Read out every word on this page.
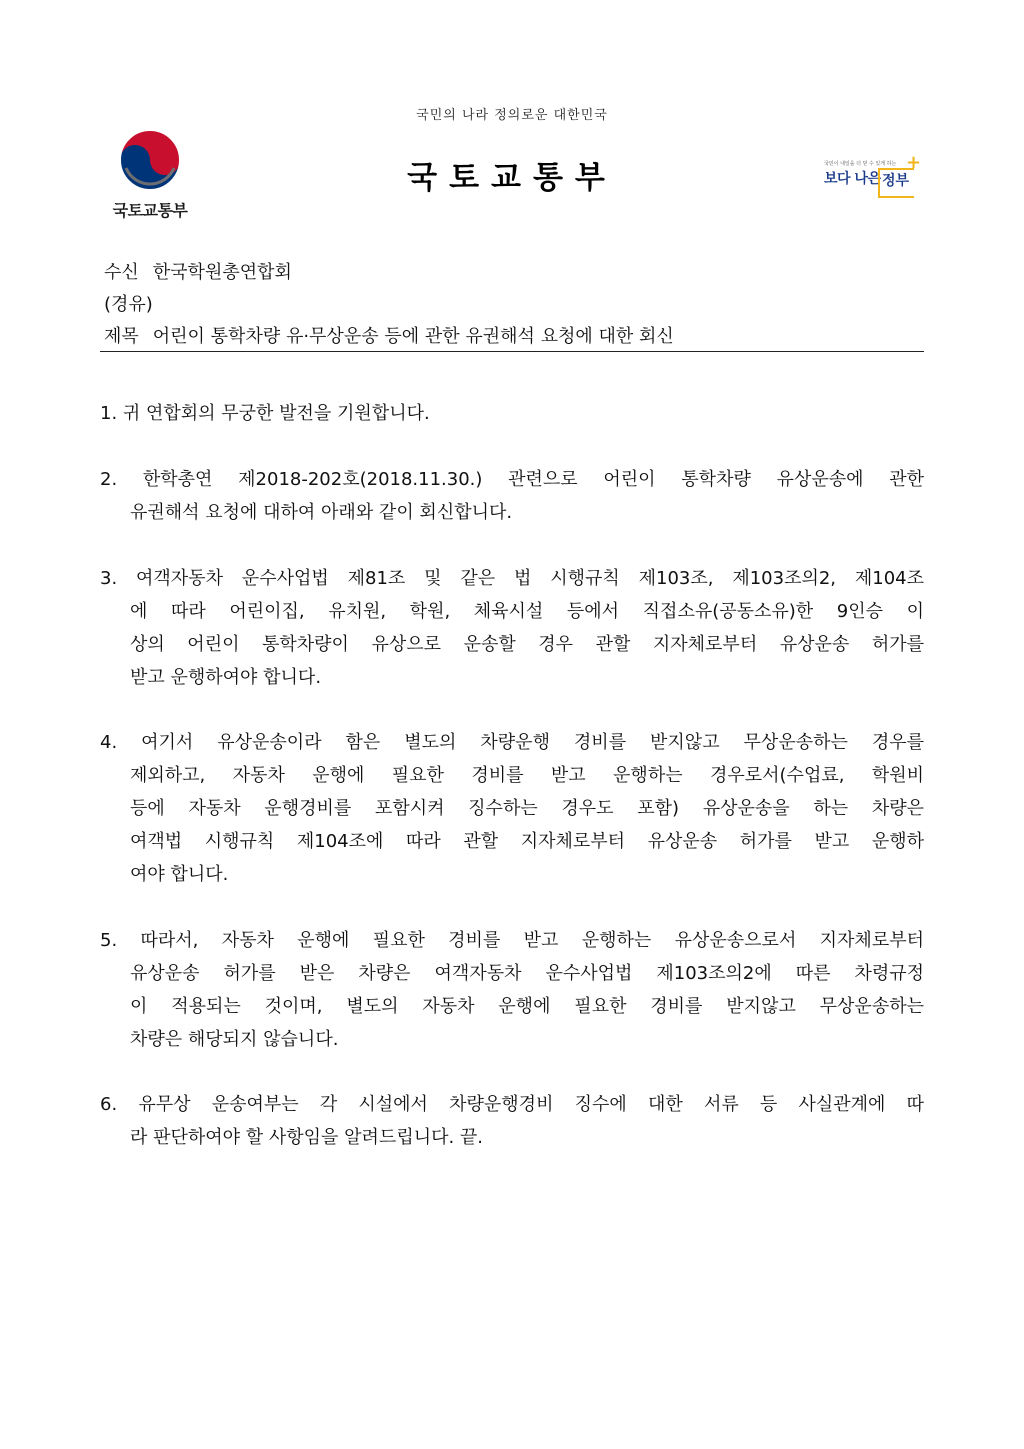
국민의 나라 정의로운 대한민국
국토교통부
국토교통부	국민이 내일을 더 믿 수 있게 하는
보다 나은 정부
+
수신 한국학원총연합회
(경유)
제목 어린이 통학차량 유·무상운송 등에 관한 유권해석 요청에 대한 회신
1. 귀 연합회의 무궁한 발전을 기원합니다.
2. 한학총연 제2018-202호(2018.11.30.) 관련으로 어린이 통학차량 유상운송에 관한
유권해석 요청에 대하여 아래와 같이 회신합니다.
3. 여객자동차 운수사업법 제81조 및 같은 법 시행규칙 제103조, 제103조의2, 제104조
에 따라 어린이집, 유치원, 학원, 체육시설 등에서 직접소유(공동소유)한 9인승 이
상의 어린이 통학차량이 유상으로 운송할 경우 관할 지자체로부터 유상운송 허가를
받고 운행하여야 합니다.
4. 여기서 유상운송이라 함은 별도의 차량운행 경비를 받지않고 무상운송하는 경우를
제외하고, 자동차 운행에 필요한 경비를 받고 운행하는 경우로서(수업료, 학원비
등에 자동차 운행경비를 포함시켜 징수하는 경우도 포함) 유상운송을 하는 차량은
여객법 시행규칙 제104조에 따라 관할 지자체로부터 유상운송 허가를 받고 운행하
여야 합니다.
5. 따라서, 자동차 운행에 필요한 경비를 받고 운행하는 유상운송으로서 지자체로부터
유상운송 허가를 받은 차량은 여객자동차 운수사업법 제103조의2에 따른 차령규정
이 적용되는 것이며, 별도의 자동차 운행에 필요한 경비를 받지않고 무상운송하는
차량은 해당되지 않습니다.
6. 유무상 운송여부는 각 시설에서 차량운행경비 징수에 대한 서류 등 사실관계에 따
라 판단하여야 할 사항임을 알려드립니다. 끝.
